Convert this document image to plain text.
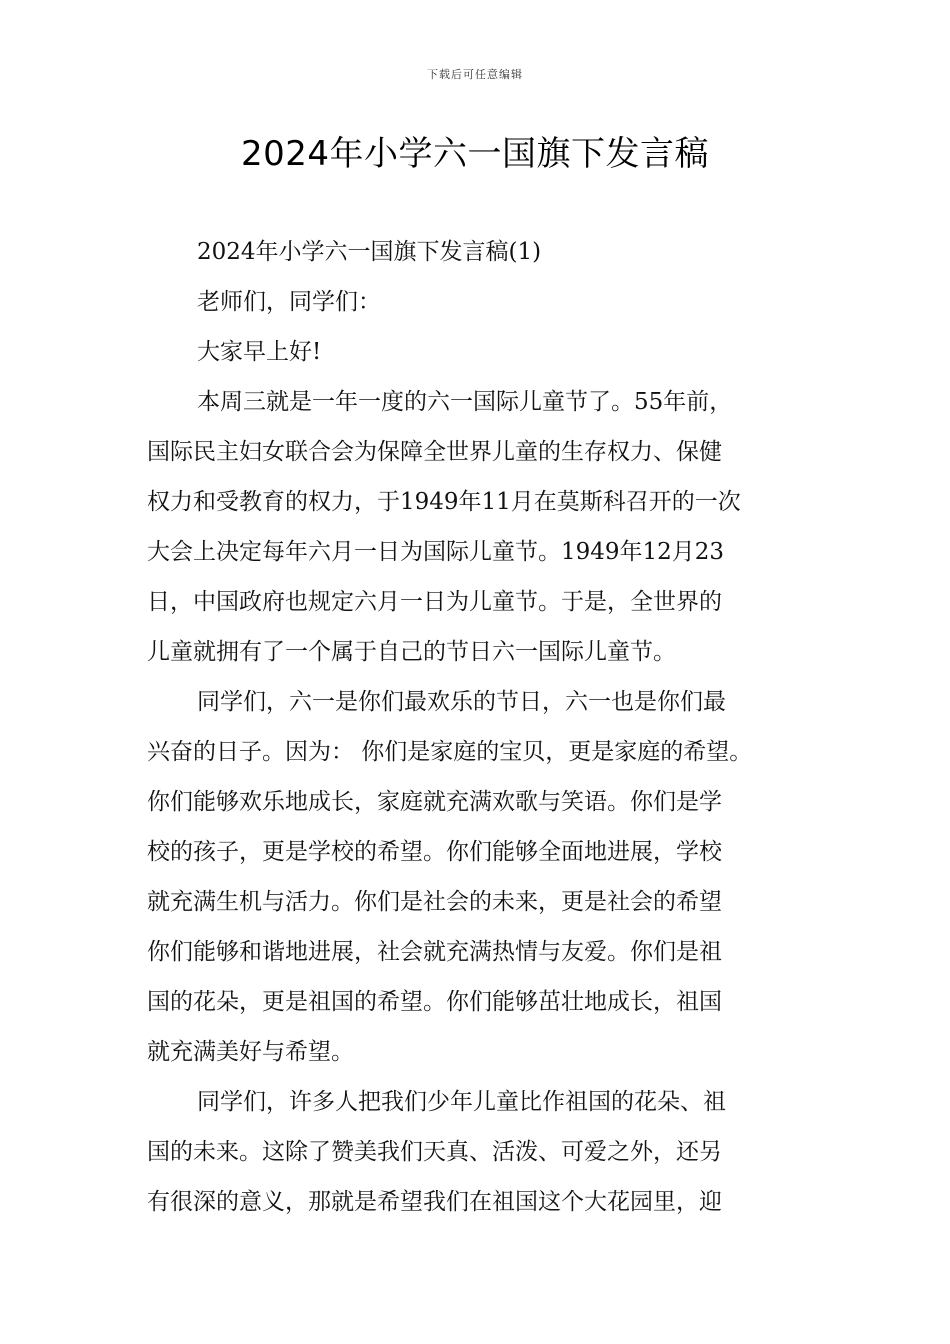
下载后可任意编辑
2024年小学六一国旗下发言稿
2024年小学六一国旗下发言稿(1)
老师们，同学们：
大家早上好!
本周三就是一年一度的六一国际儿童节了。55年前，
国际民主妇女联合会为保障全世界儿童的生存权力、保健
权力和受教育的权力，于1949年11月在莫斯科召开的一次
大会上决定每年六月一日为国际儿童节。1949年12月23
日，中国政府也规定六月一日为儿童节。于是，全世界的
儿童就拥有了一个属于自己的节日六一国际儿童节。
同学们，六一是你们最欢乐的节日，六一也是你们最
兴奋的日子。因为： 你们是家庭的宝贝，更是家庭的希望。
你们能够欢乐地成长，家庭就充满欢歌与笑语。你们是学
校的孩子，更是学校的希望。你们能够全面地进展，学校
就充满生机与活力。你们是社会的未来，更是社会的希望
你们能够和谐地进展，社会就充满热情与友爱。你们是祖
国的花朵，更是祖国的希望。你们能够茁壮地成长，祖国
就充满美好与希望。
同学们，许多人把我们少年儿童比作祖国的花朵、祖
国的未来。这除了赞美我们天真、活泼、可爱之外，还另
有很深的意义，那就是希望我们在祖国这个大花园里，迎
